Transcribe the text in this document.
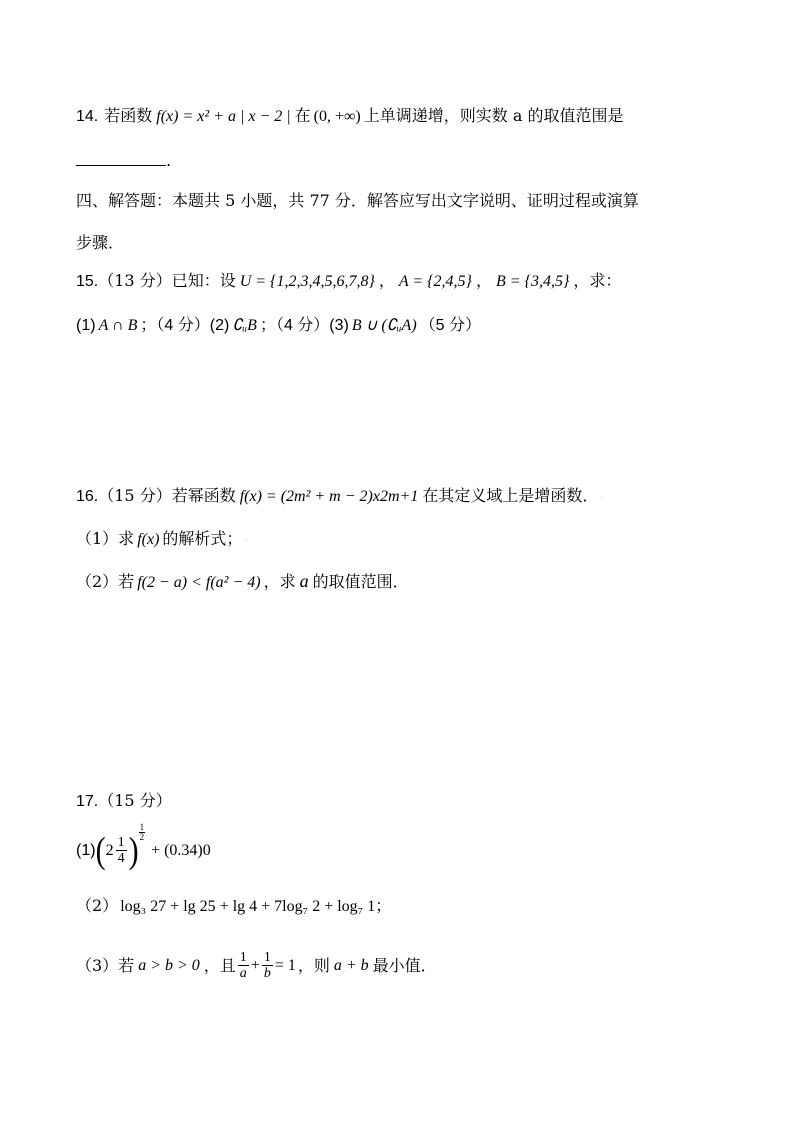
14. 若函数 f(x) = x² + a | x − 2 | 在 (0, +∞) 上单调递增，则实数 a 的取值范围是
.
四、解答题：本题共 5 小题，共 77 分．解答应写出文字说明、证明过程或演算
步骤．
15. （13 分）已知：设 U = {1,2,3,4,5,6,7,8} ， A = {2,4,5} ， B = {3,4,5} ，求：
(1) A ∩ B ；（4 分） (2) ∁ᵤB ；（4 分） (3) B ∪ (∁ᵤA) （5 分）
16. （15 分）若幂函数 f(x) = (2m² + m − 2)x 2m+1 在其定义域上是增函数． ·
（1）求 f(x) 的解析式； ·
（2）若 f(2 − a) < f(a² − 4) ，求 a 的取值范围．
17. （15 分）
(1) ( $2 \frac{1}{4}$ ) $\frac{1}{2}$
+ (0.34) 0
（2） log₃ 27 + lg 25 + lg 4 + 7 log₇ 2 + log₇ 1 ；
（3）若 a > b > 0 ，且 $\frac{1}{a} + \frac{1}{b} = 1$ ，则 a + b 最小值．
